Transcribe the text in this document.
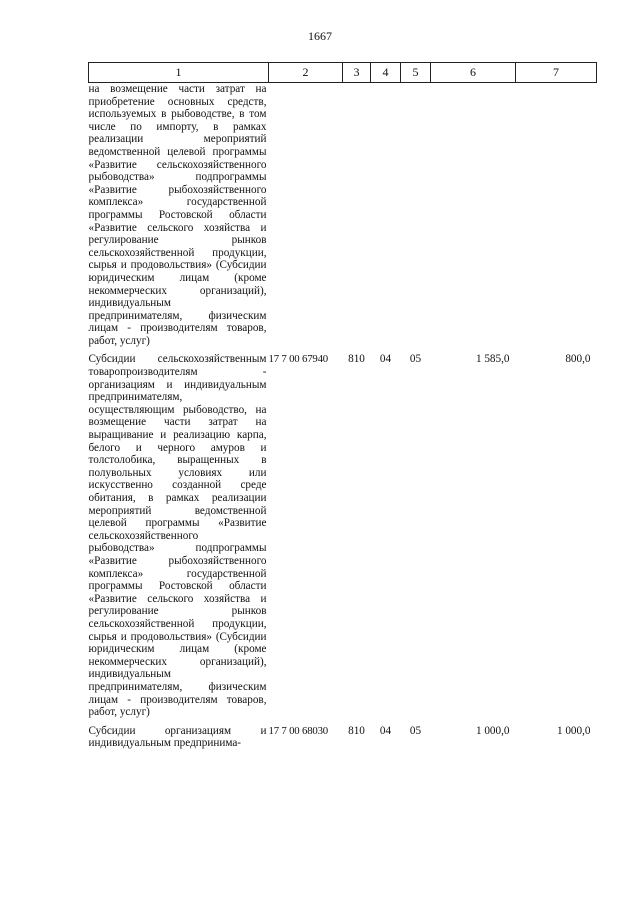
1667
1	2	3	4	5	6	7
на возмещение части затрат на приобретение основных средств, используемых в рыбоводстве, в том числе по импорту, в рамках реализации мероприятий ведомственной целевой программы «Развитие сельскохозяйственного рыбоводства» подпрограммы «Развитие рыбохозяйственного комплекса» государственной программы Ростовской области «Развитие сельского хозяйства и регулирование рынков сельскохозяйственной продукции, сырья и продовольствия» (Субсидии юридическим лицам (кроме некоммерческих организаций), индивидуальным предпринимателям, физическим лицам - производителям товаров, работ, услуг)						
Субсидии сельскохозяйственным товаропроизводителям - организациям и индивидуальным предпринимателям, осуществляющим рыбоводство, на возмещение части затрат на выращивание и реализацию карпа, белого и черного амуров и толстолобика, выращенных в полувольных условиях или искусственно созданной среде обитания, в рамках реализации мероприятий ведомственной целевой программы «Развитие сельскохозяйственного рыбоводства» подпрограммы «Развитие рыбохозяйственного комплекса» государственной программы Ростовской области «Развитие сельского хозяйства и регулирование рынков сельскохозяйственной продукции, сырья и продовольствия» (Субсидии юридическим лицам (кроме некоммерческих организаций), индивидуальным предпринимателям, физическим лицам - производителям товаров, работ, услуг)	17 7 00 67940	810	04	05	1 585,0	800,0
Субсидии организациям и индивидуальным предпринима-	17 7 00 68030	810	04	05	1 000,0	1 000,0
